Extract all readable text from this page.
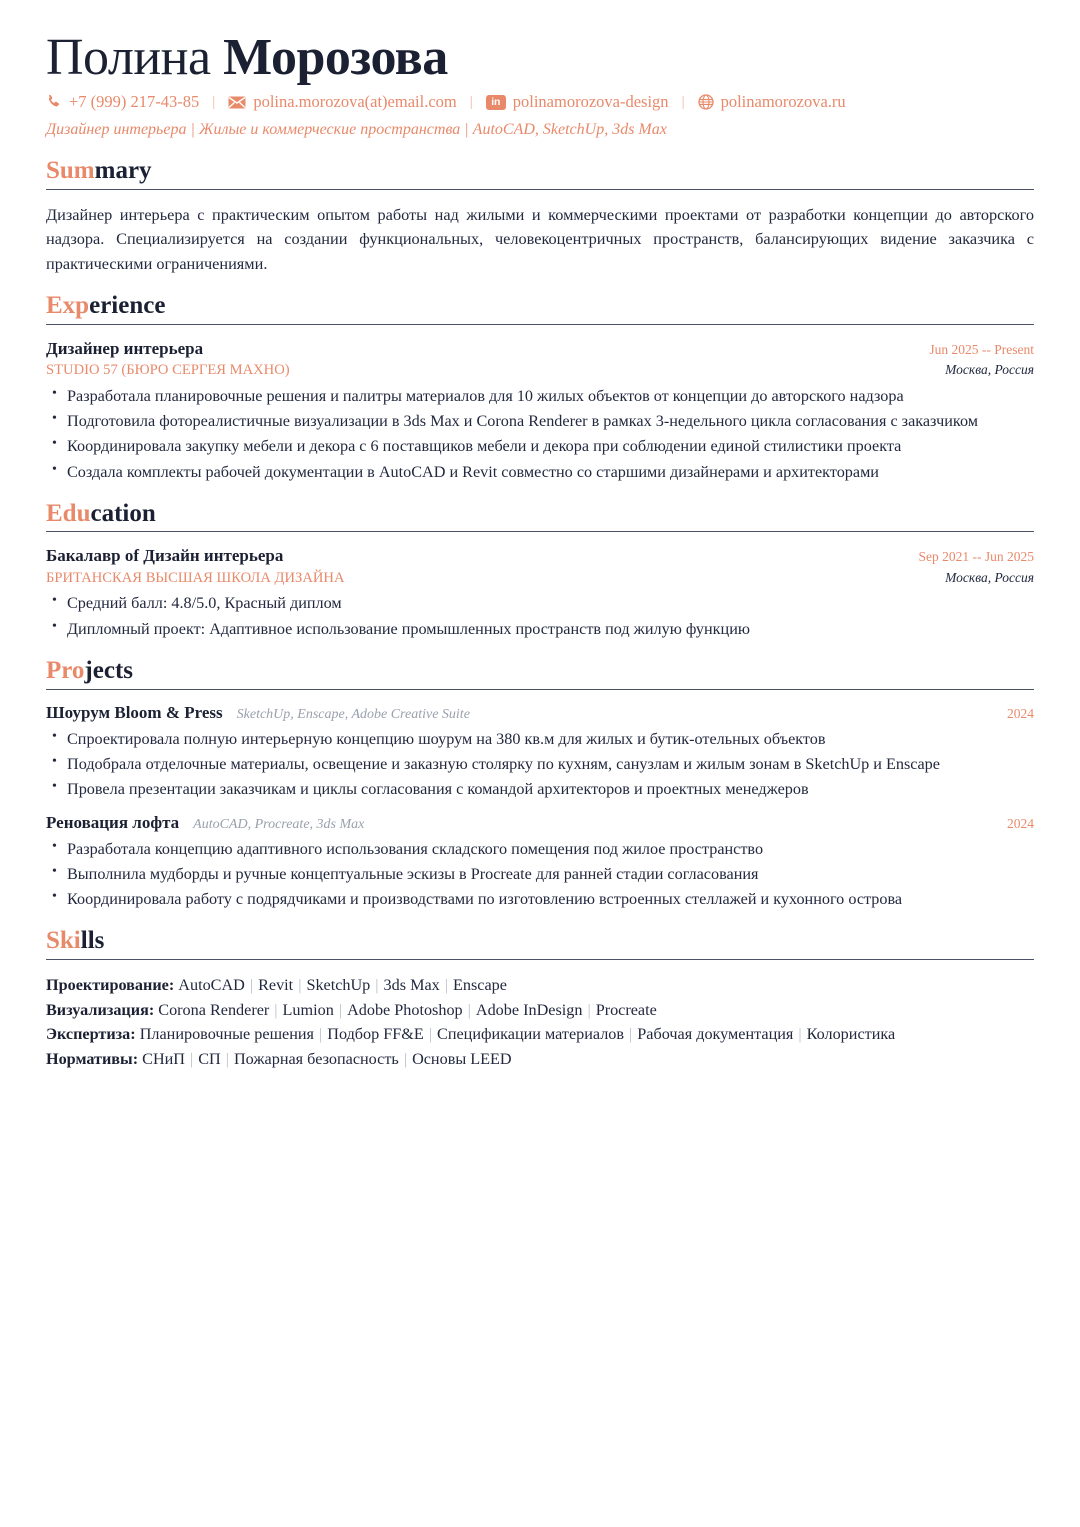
Полина Морозова
+7 (999) 217-43-85 |	polina.morozova(at)email.com |	in polinamorozova-design |	polinamorozova.ru
Дизайнер интерьера | Жилые и коммерческие пространства | AutoCAD, SketchUp, 3ds Max
Summary

Дизайнер интерьера с практическим опытом работы над жилыми и коммерческими проектами от разработки концепции до авторского надзора. Специализируется на создании функциональных, человекоцентричных пространств, балансирующих видение заказчика с практическими ограничениями.

Experience
Дизайнер интерьера	Jun 2025 -- Present
STUDIO 57 (БЮРО СЕРГЕЯ МАХНО)	Москва, Россия
• Разработала планировочные решения и палитры материалов для 10 жилых объектов от концепции до авторского надзора
• Подготовила фотореалистичные визуализации в 3ds Max и Corona Renderer в рамках 3-недельного цикла согласования с заказчиком
• Координировала закупку мебели и декора с 6 поставщиков мебели и декора при соблюдении единой стилистики проекта
• Создала комплекты рабочей документации в AutoCAD и Revit совместно со старшими дизайнерами и архитекторами
Education
Бакалавр of Дизайн интерьера	Sep 2021 -- Jun 2025
БРИТАНСКАЯ ВЫСШАЯ ШКОЛА ДИЗАЙНА	Москва, Россия
• Средний балл: 4.8/5.0, Красный диплом
• Дипломный проект: Адаптивное использование промышленных пространств под жилую функцию
Projects
Шоурум Bloom & Press SketchUp, Enscape, Adobe Creative Suite	2024
• Спроектировала полную интерьерную концепцию шоурум на 380 кв.м для жилых и бутик-отельных объектов
• Подобрала отделочные материалы, освещение и заказную столярку по кухням, санузлам и жилым зонам в SketchUp и Enscape
• Провела презентации заказчикам и циклы согласования с командой архитекторов и проектных менеджеров
Реновация лофта AutoCAD, Procreate, 3ds Max	2024
• Разработала концепцию адаптивного использования складского помещения под жилое пространство
• Выполнила мудборды и ручные концептуальные эскизы в Procreate для ранней стадии согласования
• Координировала работу с подрядчиками и производствами по изготовлению встроенных стеллажей и кухонного острова
Skills
Проектирование: AutoCAD | Revit | SketchUp | 3ds Max | Enscape
Визуализация: Corona Renderer | Lumion | Adobe Photoshop | Adobe InDesign | Procreate
Экспертиза: Планировочные решения | Подбор FF&E | Спецификации материалов | Рабочая документация | Колористика
Нормативы: СНиП | СП | Пожарная безопасность | Основы LEED
